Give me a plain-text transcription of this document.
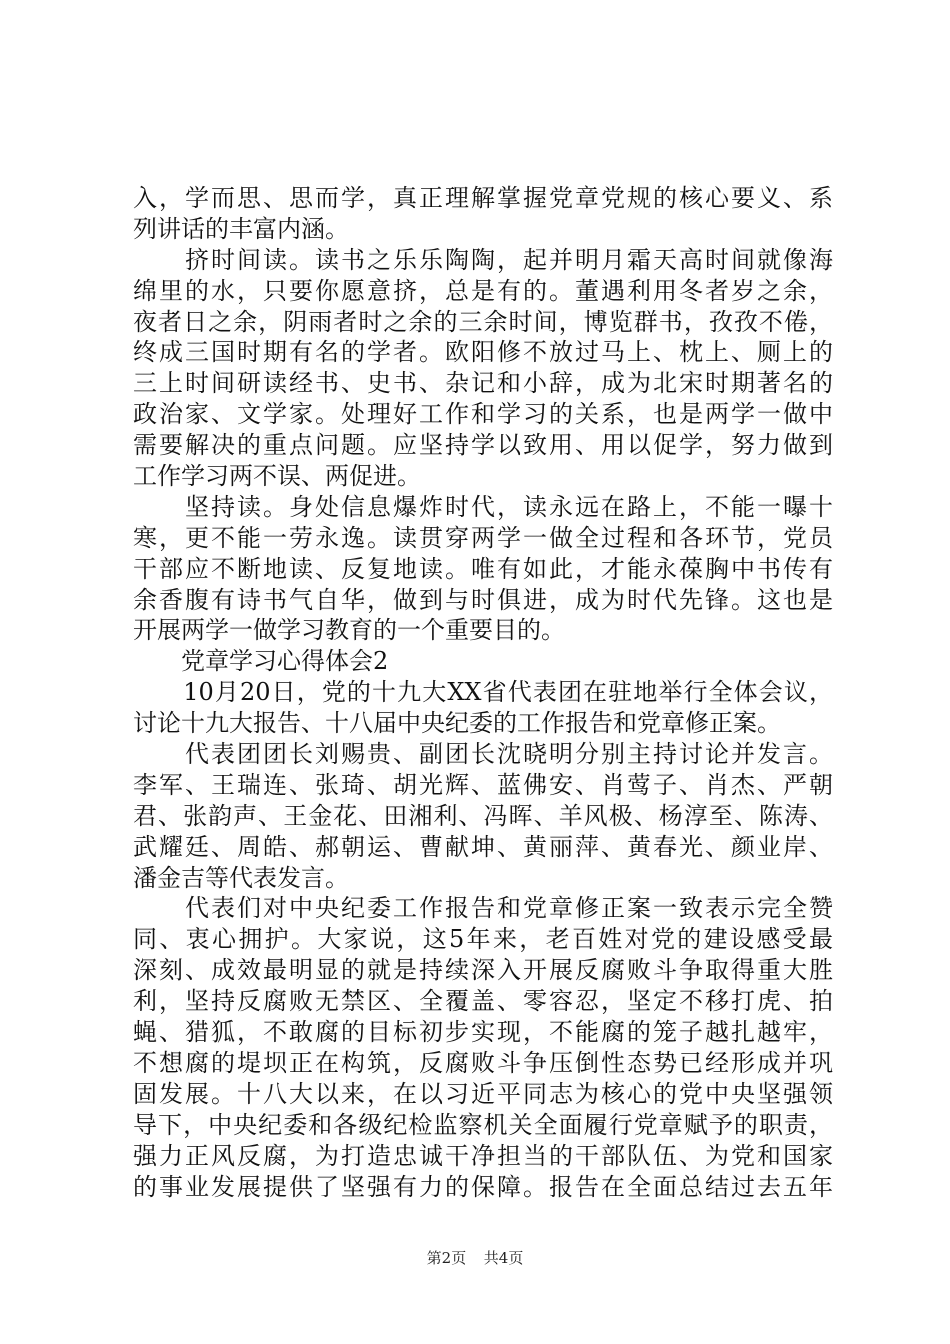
入，学而思、思而学，真正理解掌握党章党规的核心要义、系
列讲话的丰富内涵。
　　挤时间读。读书之乐乐陶陶，起并明月霜天高时间就像海
绵里的水，只要你愿意挤，总是有的。董遇利用冬者岁之余，
夜者日之余，阴雨者时之余的三余时间，博览群书，孜孜不倦，
终成三国时期有名的学者。欧阳修不放过马上、枕上、厕上的
三上时间研读经书、史书、杂记和小辞，成为北宋时期著名的
政治家、文学家。处理好工作和学习的关系，也是两学一做中
需要解决的重点问题。应坚持学以致用、用以促学，努力做到
工作学习两不误、两促进。
　　坚持读。身处信息爆炸时代，读永远在路上，不能一曝十
寒，更不能一劳永逸。读贯穿两学一做全过程和各环节，党员
干部应不断地读、反复地读。唯有如此，才能永葆胸中书传有
余香腹有诗书气自华，做到与时俱进，成为时代先锋。这也是
开展两学一做学习教育的一个重要目的。
　　党章学习心得体会2
　　10月20日，党的十九大XX省代表团在驻地举行全体会议，
讨论十九大报告、十八届中央纪委的工作报告和党章修正案。
　　代表团团长刘赐贵、副团长沈晓明分别主持讨论并发言。
李军、王瑞连、张琦、胡光辉、蓝佛安、肖莺子、肖杰、严朝
君、张韵声、王金花、田湘利、冯晖、羊风极、杨淳至、陈涛、
武耀廷、周皓、郝朝运、曹献坤、黄丽萍、黄春光、颜业岸、
潘金吉等代表发言。
　　代表们对中央纪委工作报告和党章修正案一致表示完全赞
同、衷心拥护。大家说，这5年来，老百姓对党的建设感受最
深刻、成效最明显的就是持续深入开展反腐败斗争取得重大胜
利，坚持反腐败无禁区、全覆盖、零容忍，坚定不移打虎、拍
蝇、猎狐，不敢腐的目标初步实现，不能腐的笼子越扎越牢，
不想腐的堤坝正在构筑，反腐败斗争压倒性态势已经形成并巩
固发展。十八大以来，在以习近平同志为核心的党中央坚强领
导下，中央纪委和各级纪检监察机关全面履行党章赋予的职责，
强力正风反腐，为打造忠诚干净担当的干部队伍、为党和国家
的事业发展提供了坚强有力的保障。报告在全面总结过去五年
第2页 共4页
